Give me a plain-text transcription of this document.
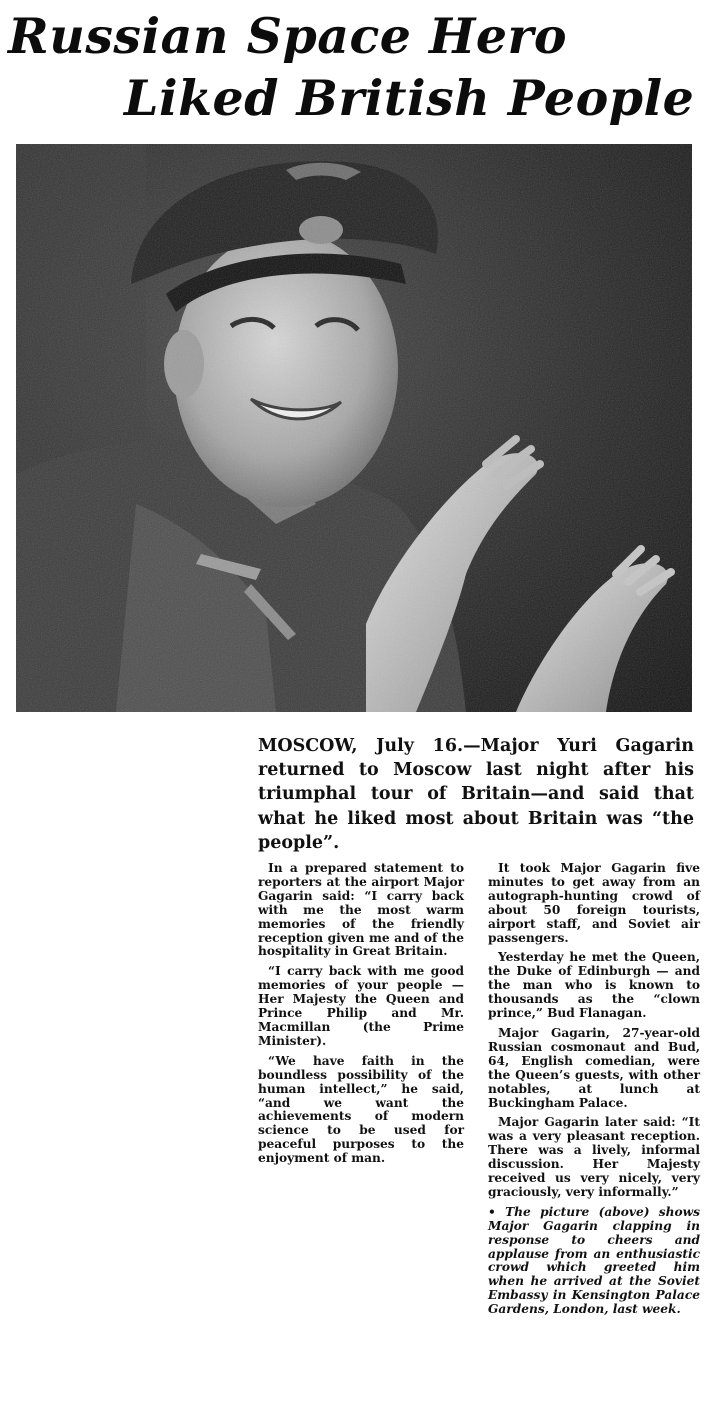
Russian Space Hero
Liked British People

MOSCOW, July 16.—Major Yuri Gagarin returned to Moscow last night after his triumphal tour of Britain—and said that what he liked most about Britain was “the people”.

In a prepared statement to reporters at the airport Major Gagarin said: “I carry back with me the most warm memories of the friendly reception given me and of the hospitality in Great Britain.

“I carry back with me good memories of your people — Her Majesty the Queen and Prince Philip and Mr. Macmillan (the Prime Minister).

“We have faith in the boundless possibility of the human intellect,” he said, “and we want the achievements of modern science to be used for peaceful purposes to the enjoyment of man.

It took Major Gagarin five minutes to get away from an autograph-hunting crowd of about 50 foreign tourists, airport staff, and Soviet air passengers.

Yesterday he met the Queen, the Duke of Edinburgh — and the man who is known to thousands as the “clown prince,” Bud Flanagan.

Major Gagarin, 27-year-old Russian cosmonaut and Bud, 64, English comedian, were the Queen’s guests, with other notables, at lunch at Buckingham Palace.

Major Gagarin later said: “It was a very pleasant reception. There was a lively, informal discussion. Her Majesty received us very nicely, very graciously, very informally.”

• The picture (above) shows Major Gagarin clapping in response to cheers and applause from an enthusiastic crowd which greeted him when he arrived at the Soviet Embassy in Kensington Palace Gardens, London, last week.
